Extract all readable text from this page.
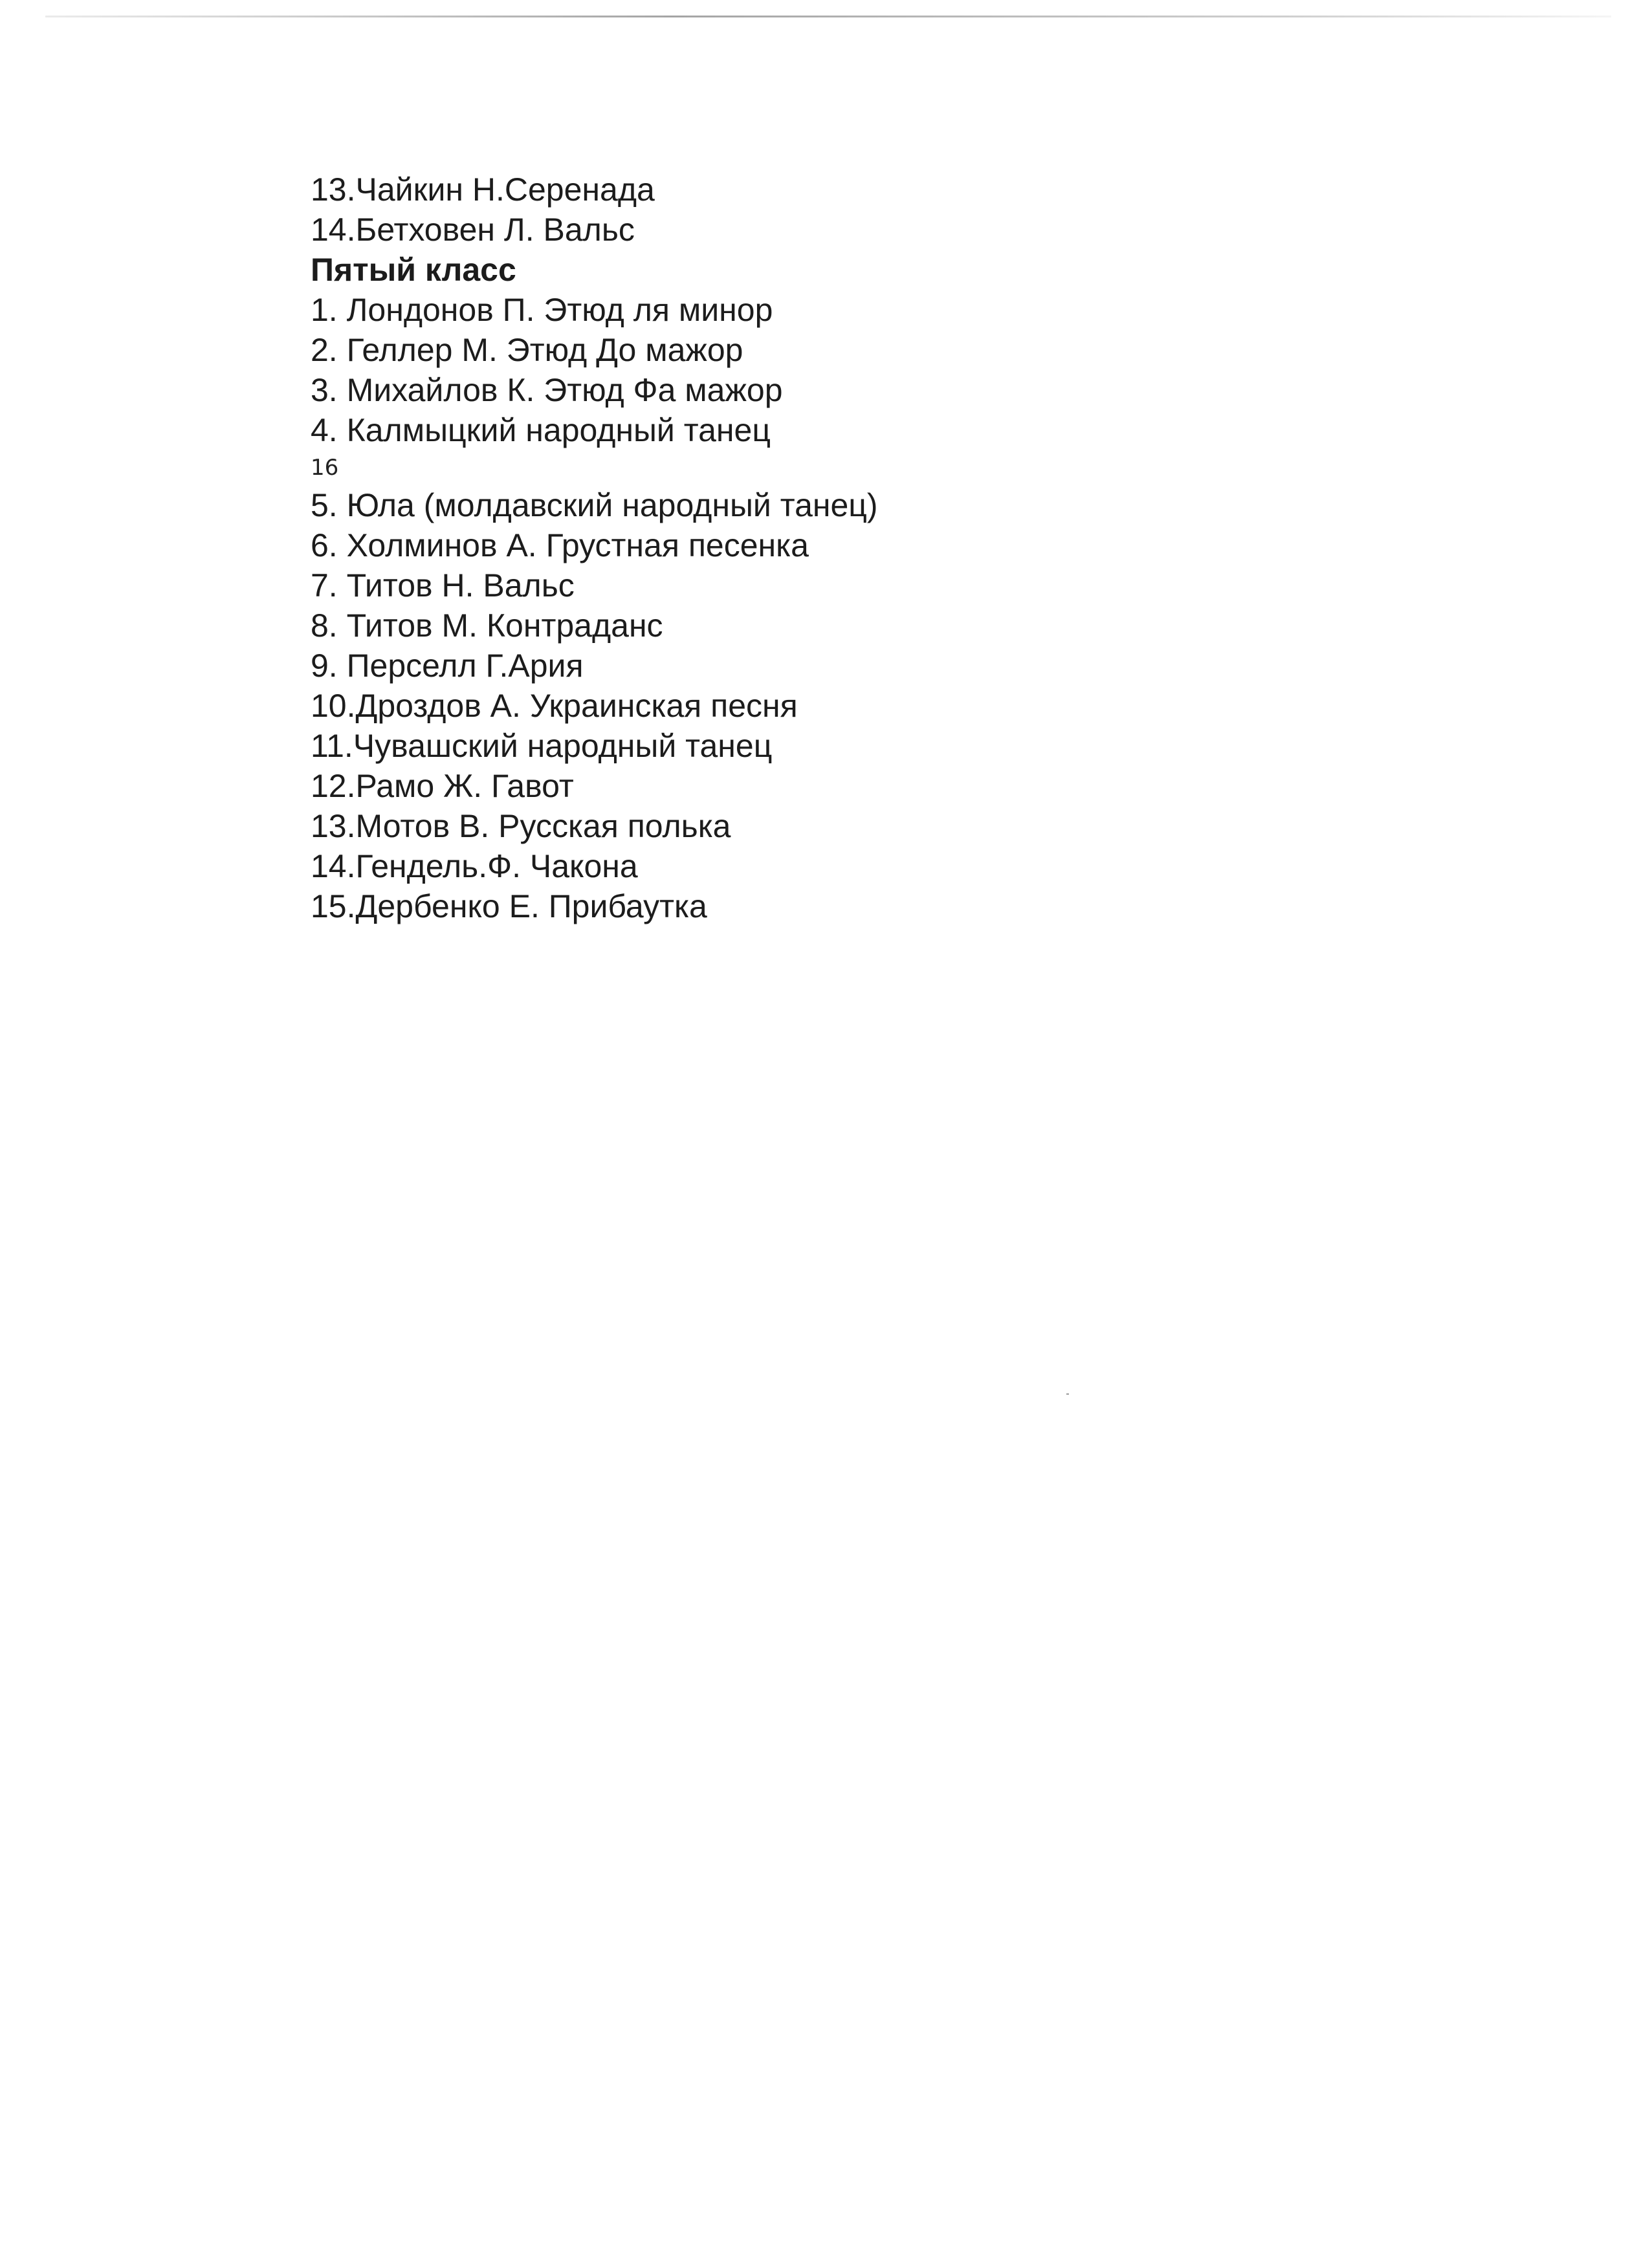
13.Чайкин Н.Серенада

14.Бетховен Л. Вальс

Пятый класс

1. Лондонов П. Этюд ля минор

2. Геллер М. Этюд До мажор

3. Михайлов К. Этюд Фа мажор

4. Калмыцкий народный танец

16

5. Юла (молдавский народный танец)

6. Холминов А. Грустная песенка

7. Титов Н. Вальс

8. Титов М. Контраданс

9. Перселл Г.Ария

10.Дроздов А. Украинская песня

11.Чувашский народный танец

12.Рамо Ж. Гавот

13.Мотов В. Русская полька

14.Гендель.Ф. Чакона

15.Дербенко Е. Прибаутка
